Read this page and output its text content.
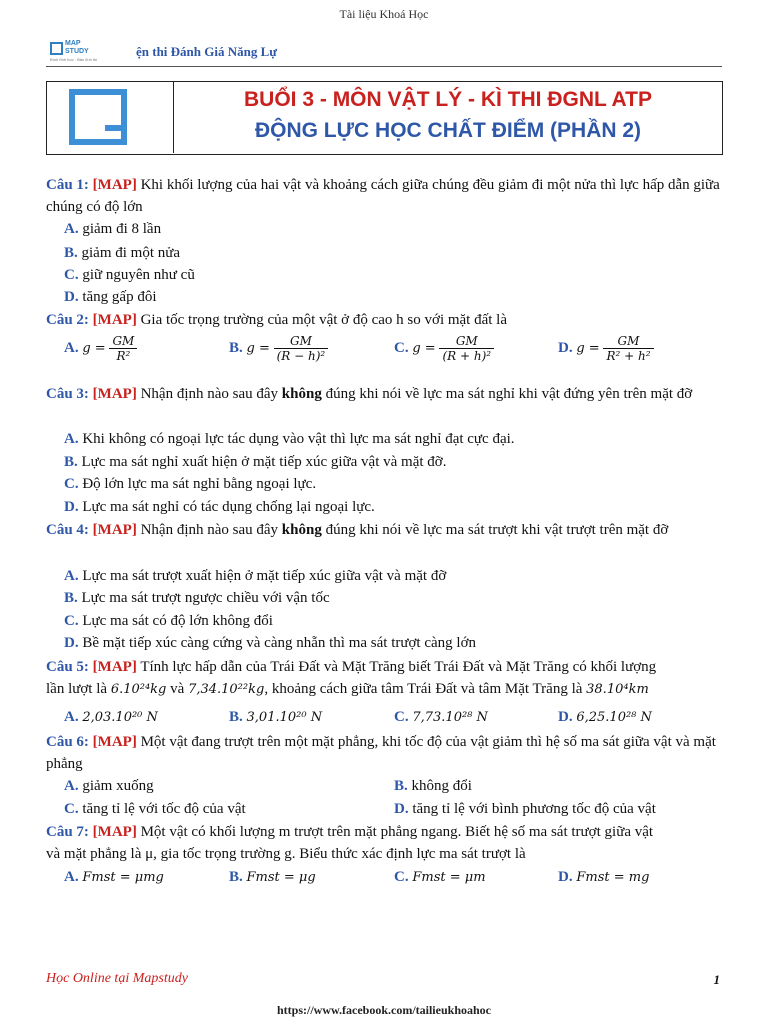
Tài liệu Khoá Học
MAP
STUDY
Bình tĩnh học · Bản lĩnh thi
ện thi Đánh Giá Năng Lự
BUỔI 3 - MÔN VẬT LÝ - KÌ THI ĐGNL ATP
ĐỘNG LỰC HỌC CHẤT ĐIỂM (PHẦN 2)
Câu 1: [MAP] Khi khối lượng của hai vật và khoảng cách giữa chúng đều giảm đi một nửa thì lực hấp dẫn giữa chúng có độ lớn
A. giảm đi 8 lần
B. giảm đi một nửa
C. giữ nguyên như cũ
D. tăng gấp đôi
Câu 2: [MAP] Gia tốc trọng trường của một vật ở độ cao h so với mặt đất là
A. $g = \frac{GM}{\text{R²}}$	B. $g = \frac{GM}{\text{(R − h)²}}$	C. $g = \frac{GM}{\text{(R + h)²}}$	D. $g = \frac{GM}{\text{R² + h²}}$
Câu 3: [MAP] Nhận định nào sau đây không đúng khi nói về lực ma sát nghỉ khi vật đứng yên trên mặt đỡ
A. Khi không có ngoại lực tác dụng vào vật thì lực ma sát nghỉ đạt cực đại.
B. Lực ma sát nghỉ xuất hiện ở mặt tiếp xúc giữa vật và mặt đỡ.
C. Độ lớn lực ma sát nghỉ bằng ngoại lực.
D. Lực ma sát nghỉ có tác dụng chống lại ngoại lực.
Câu 4: [MAP] Nhận định nào sau đây không đúng khi nói về lực ma sát trượt khi vật trượt trên mặt đỡ
A. Lực ma sát trượt xuất hiện ở mặt tiếp xúc giữa vật và mặt đỡ
B. Lực ma sát trượt ngược chiều với vận tốc
C. Lực ma sát có độ lớn không đổi
D. Bề mặt tiếp xúc càng cứng và càng nhẵn thì ma sát trượt càng lớn
Câu 5: [MAP] Tính lực hấp dẫn của Trái Đất và Mặt Trăng biết Trái Đất và Mặt Trăng có khối lượng
lần lượt là 6.10²⁴kg và 7,34.10²²kg, khoảng cách giữa tâm Trái Đất và tâm Mặt Trăng là 38.10⁴km
A. 2,03.10²⁰ N	B. 3,01.10²⁰ N	C. 7,73.10²⁸ N	D. 6,25.10²⁸ N
Câu 6: [MAP] Một vật đang trượt trên một mặt phẳng, khi tốc độ của vật giảm thì hệ số ma sát giữa vật và mặt phẳng
A. giảm xuống	B. không đổi
C. tăng tỉ lệ với tốc độ của vật	D. tăng tỉ lệ với bình phương tốc độ của vật
Câu 7: [MAP] Một vật có khối lượng m trượt trên mặt phẳng ngang. Biết hệ số ma sát trượt giữa vật
và mặt phẳng là μ, gia tốc trọng trường g. Biểu thức xác định lực ma sát trượt là
A. Fmst = μmg	B. Fmst = μg	C. Fmst = μm	D. Fmst = mg
Học Online tại Mapstudy	1
https://www.facebook.com/tailieukhoahoc
